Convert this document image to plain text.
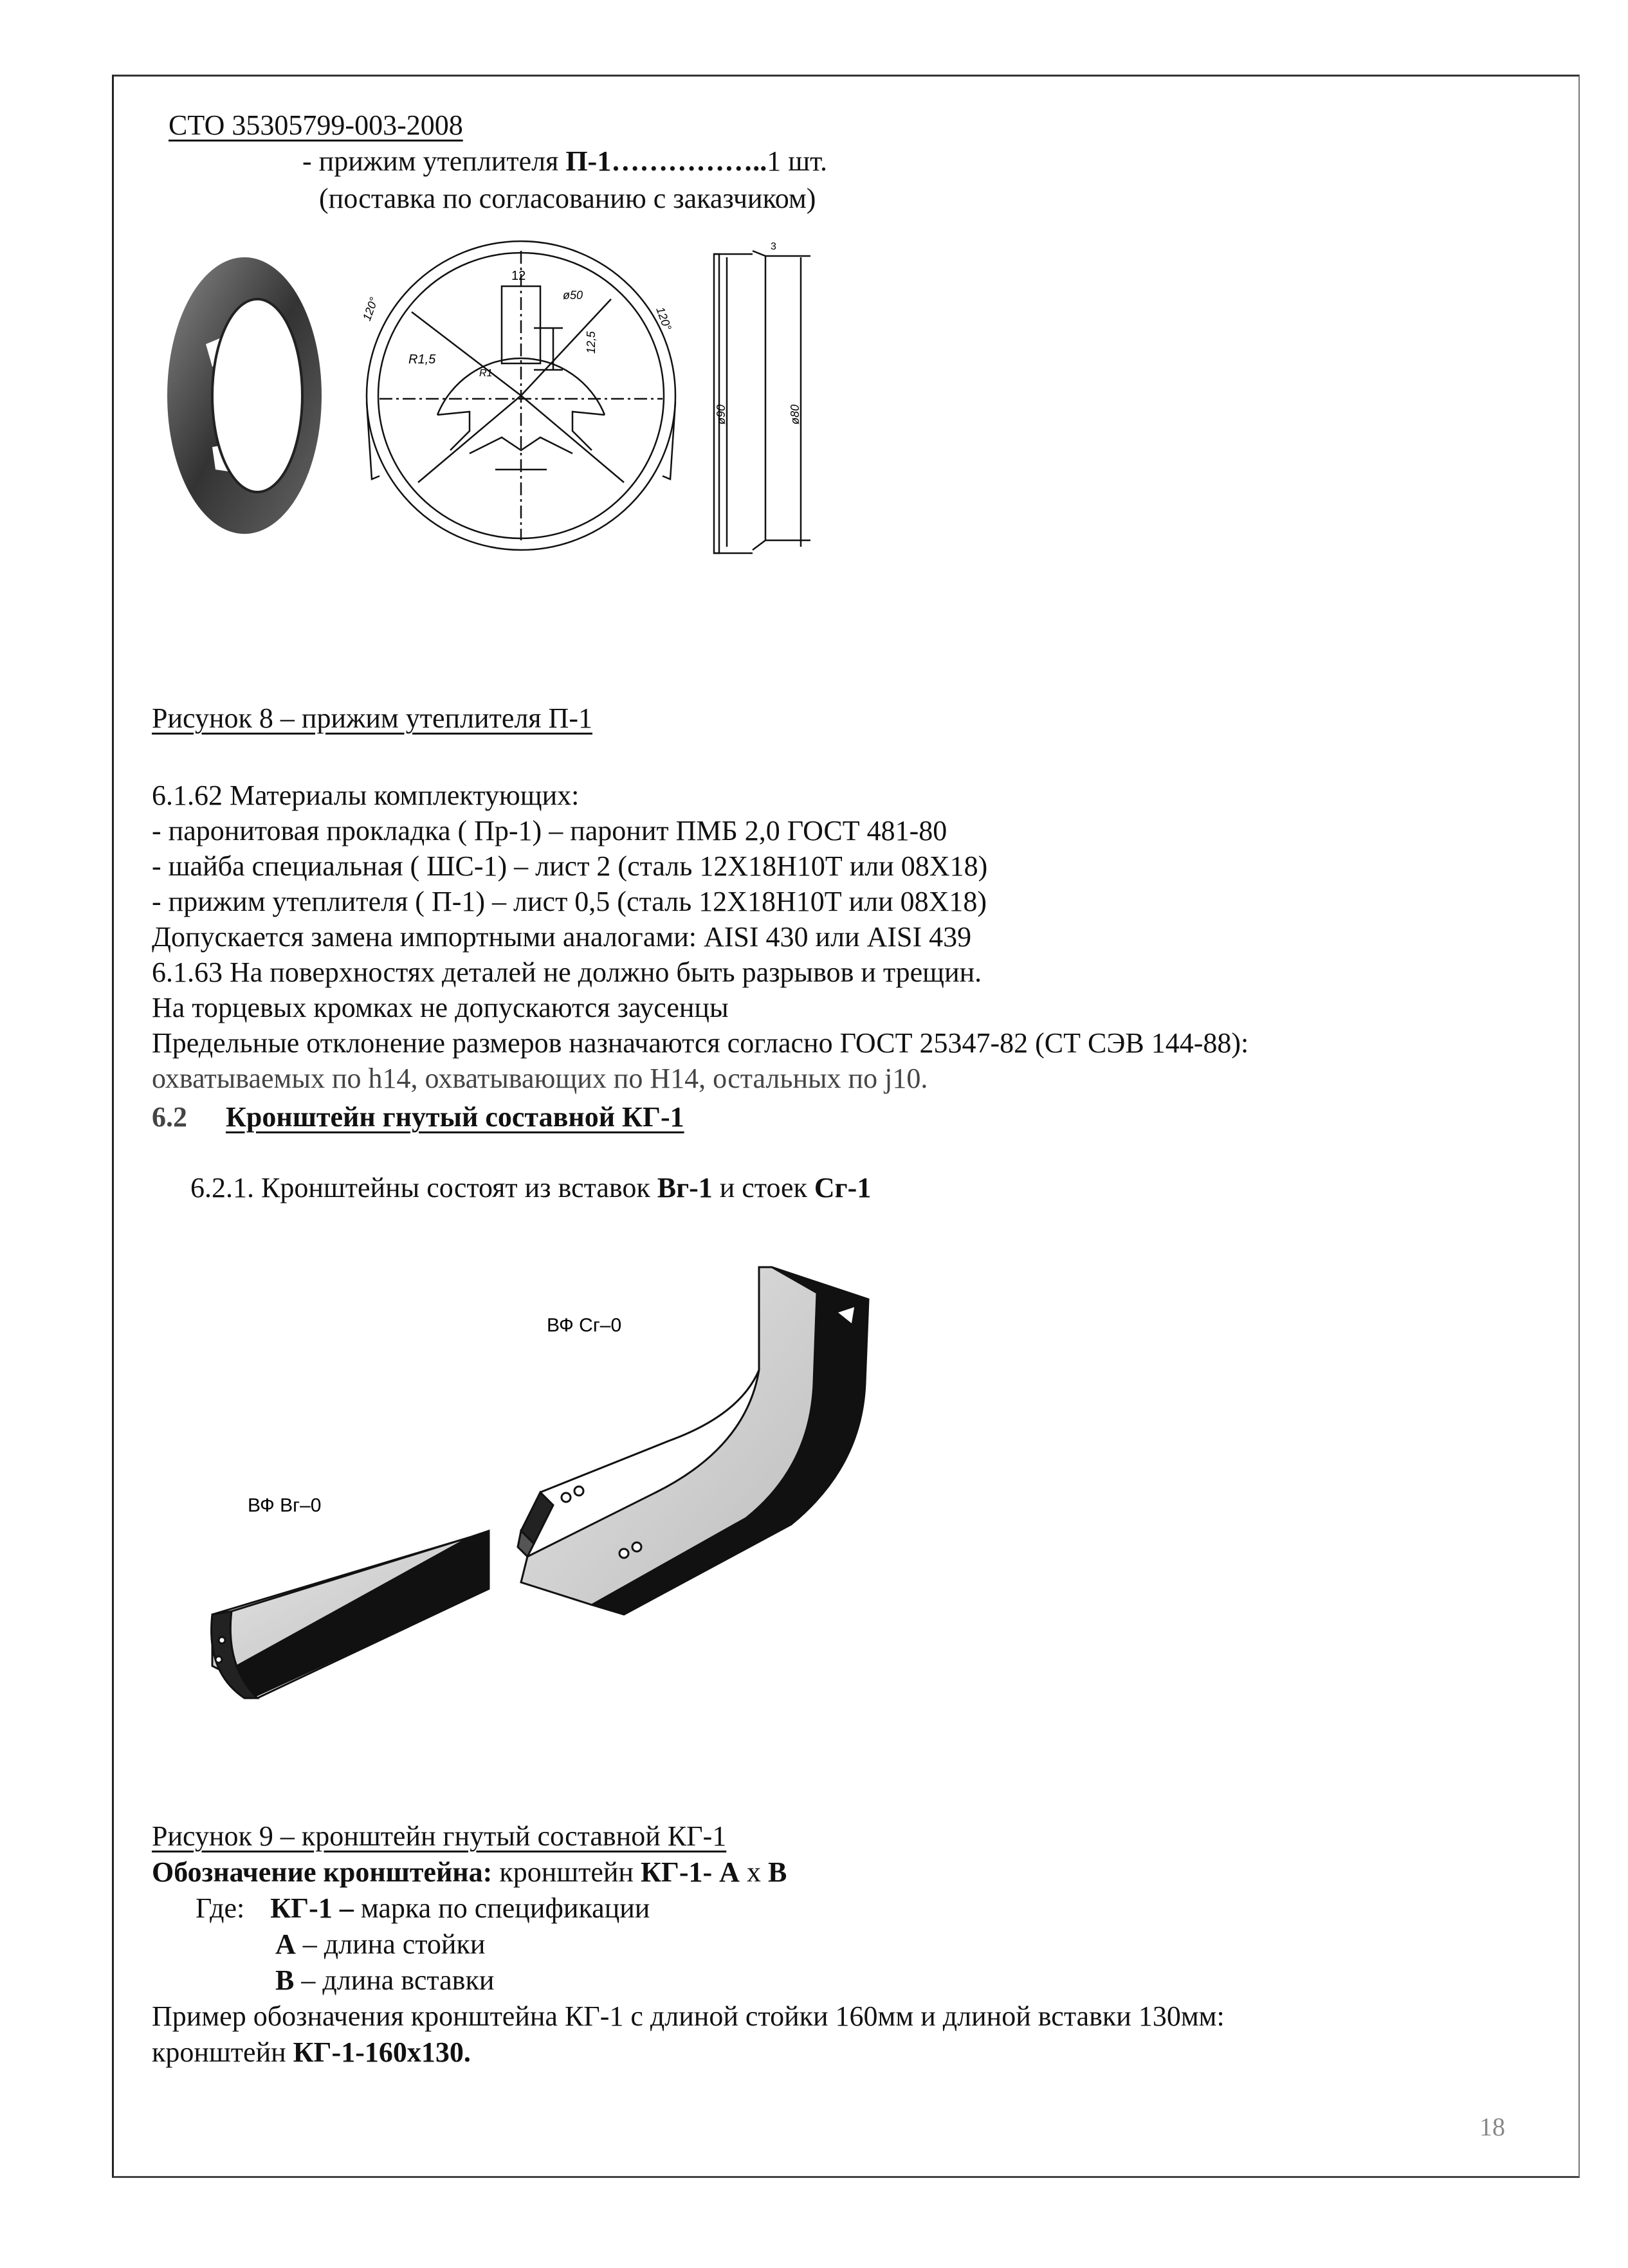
СТО 35305799-003-2008
- прижим утеплителя П-1……………..1 шт.
(поставка по согласованию с заказчиком)
12
ø50
12,5
R1,5
R1
120°	120°
ø90	ø80
3
Рисунок 8 – прижим утеплителя П-1
6.1.62 Материалы комплектующих:
- паронитовая прокладка ( Пр-1) – паронит ПМБ 2,0 ГОСТ 481-80
- шайба специальная ( ШС-1) – лист 2 (сталь 12Х18Н10Т или 08Х18)
- прижим утеплителя ( П-1) – лист 0,5 (сталь 12Х18Н10Т или 08Х18)
Допускается замена импортными аналогами: AISI 430 или AISI 439
6.1.63 На поверхностях деталей не должно быть разрывов и трещин.
На торцевых кромках не допускаются заусенцы
Предельные отклонение размеров назначаются согласно ГОСТ 25347-82 (СТ СЭВ 144-88):
охватываемых по h14, охватывающих по H14, остальных по j10.
6.2 Кронштейн гнутый составной КГ-1
6.2.1. Кронштейны состоят из вставок Вг-1 и стоек Сг-1
ВФ Сг–0
ВФ Вг–0
Рисунок 9 – кронштейн гнутый составной КГ-1
Обозначение кронштейна: кронштейн КГ-1- А х В
Где: КГ-1 – марка по спецификации
А – длина стойки
В – длина вставки
Пример обозначения кронштейна КГ-1 с длиной стойки 160мм и длиной вставки 130мм:
кронштейн КГ-1-160х130.
18
